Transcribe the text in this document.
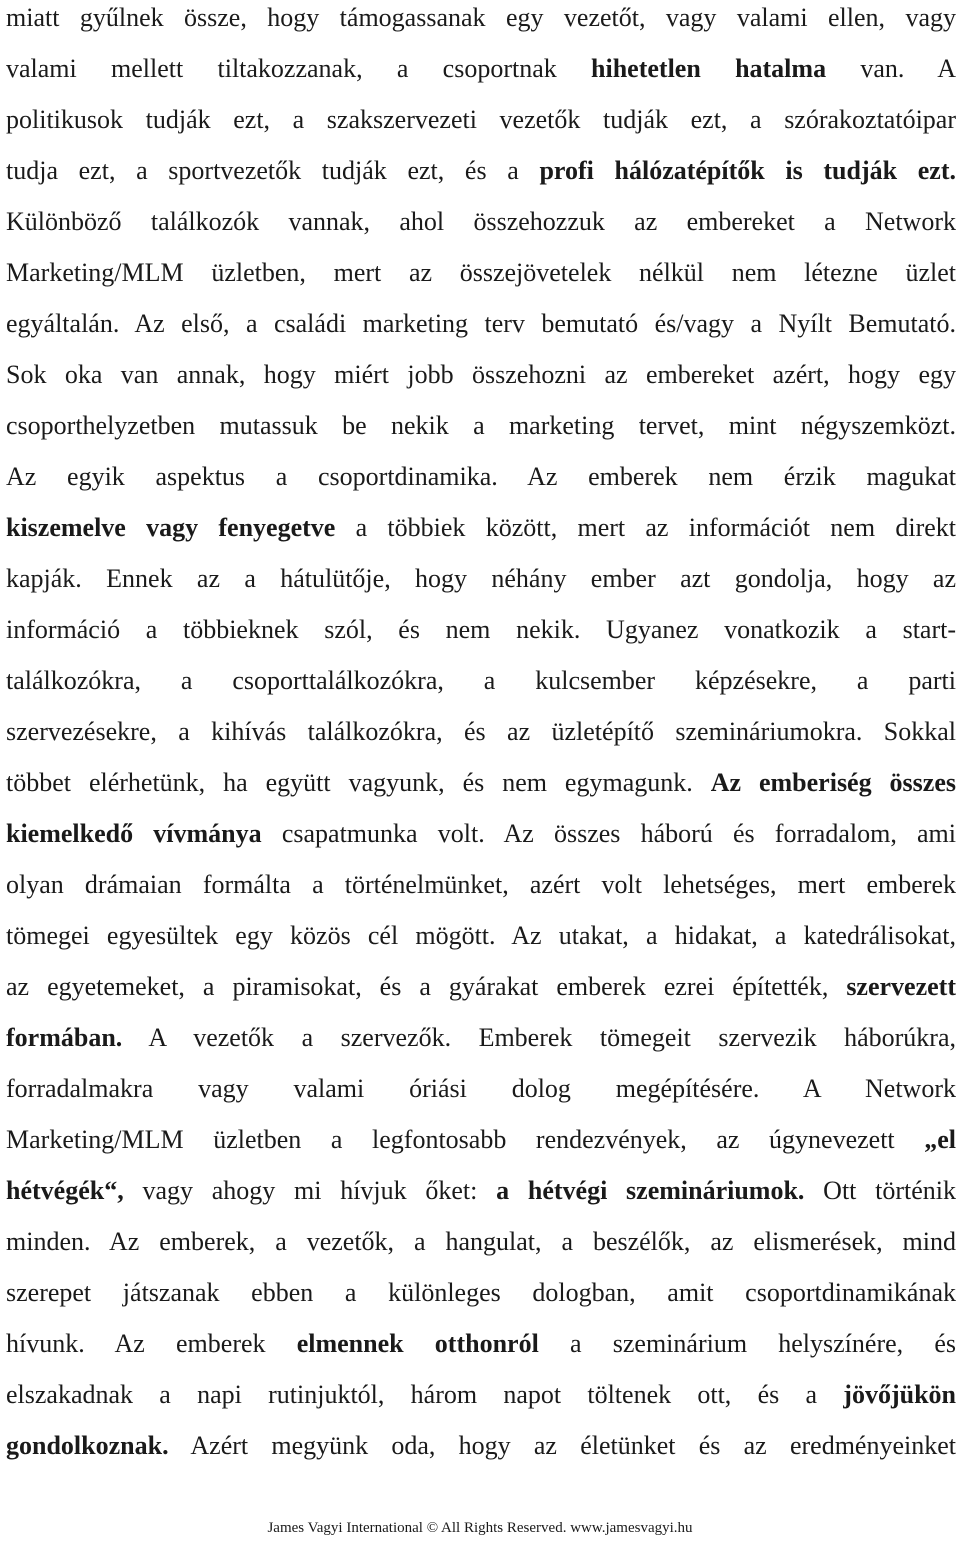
miatt gyűlnek össze, hogy támogassanak egy vezetőt, vagy valami ellen, vagy
valami mellett tiltakozzanak, a csoportnak hihetetlen hatalma van. A
politikusok tudják ezt, a szakszervezeti vezetők tudják ezt, a szórakoztatóipar
tudja ezt, a sportvezetők tudják ezt, és a profi hálózatépítők is tudják ezt.
Különböző találkozók vannak, ahol összehozzuk az embereket a Network
Marketing/MLM üzletben, mert az összejövetelek nélkül nem létezne üzlet
egyáltalán. Az első, a családi marketing terv bemutató és/vagy a Nyílt Bemutató.
Sok oka van annak, hogy miért jobb összehozni az embereket azért, hogy egy
csoporthelyzetben mutassuk be nekik a marketing tervet, mint négyszemközt.
Az egyik aspektus a csoportdinamika. Az emberek nem érzik magukat
kiszemelve vagy fenyegetve a többiek között, mert az információt nem direkt
kapják. Ennek az a hátulütője, hogy néhány ember azt gondolja, hogy az
információ a többieknek szól, és nem nekik. Ugyanez vonatkozik a start-
találkozókra, a csoporttalálkozókra, a kulcsember képzésekre, a parti
szervezésekre, a kihívás találkozókra, és az üzletépítő szemináriumokra. Sokkal
többet elérhetünk, ha együtt vagyunk, és nem egymagunk. Az emberiség összes
kiemelkedő vívmánya csapatmunka volt. Az összes háború és forradalom, ami
olyan drámaian formálta a történelmünket, azért volt lehetséges, mert emberek
tömegei egyesültek egy közös cél mögött. Az utakat, a hidakat, a katedrálisokat,
az egyetemeket, a piramisokat, és a gyárakat emberek ezrei építették, szervezett
formában. A vezetők a szervezők. Emberek tömegeit szervezik háborúkra,
forradalmakra vagy valami óriási dolog megépítésére. A Network
Marketing/MLM üzletben a legfontosabb rendezvények, az úgynevezett „el
hétvégék“, vagy ahogy mi hívjuk őket: a hétvégi szemináriumok. Ott történik
minden. Az emberek, a vezetők, a hangulat, a beszélők, az elismerések, mind
szerepet játszanak ebben a különleges dologban, amit csoportdinamikának
hívunk. Az emberek elmennek otthonról a szeminárium helyszínére, és
elszakadnak a napi rutinjuktól, három napot töltenek ott, és a jövőjükön
gondolkoznak. Azért megyünk oda, hogy az életünket és az eredményeinket
James Vagyi International © All Rights Reserved. www.jamesvagyi.hu
